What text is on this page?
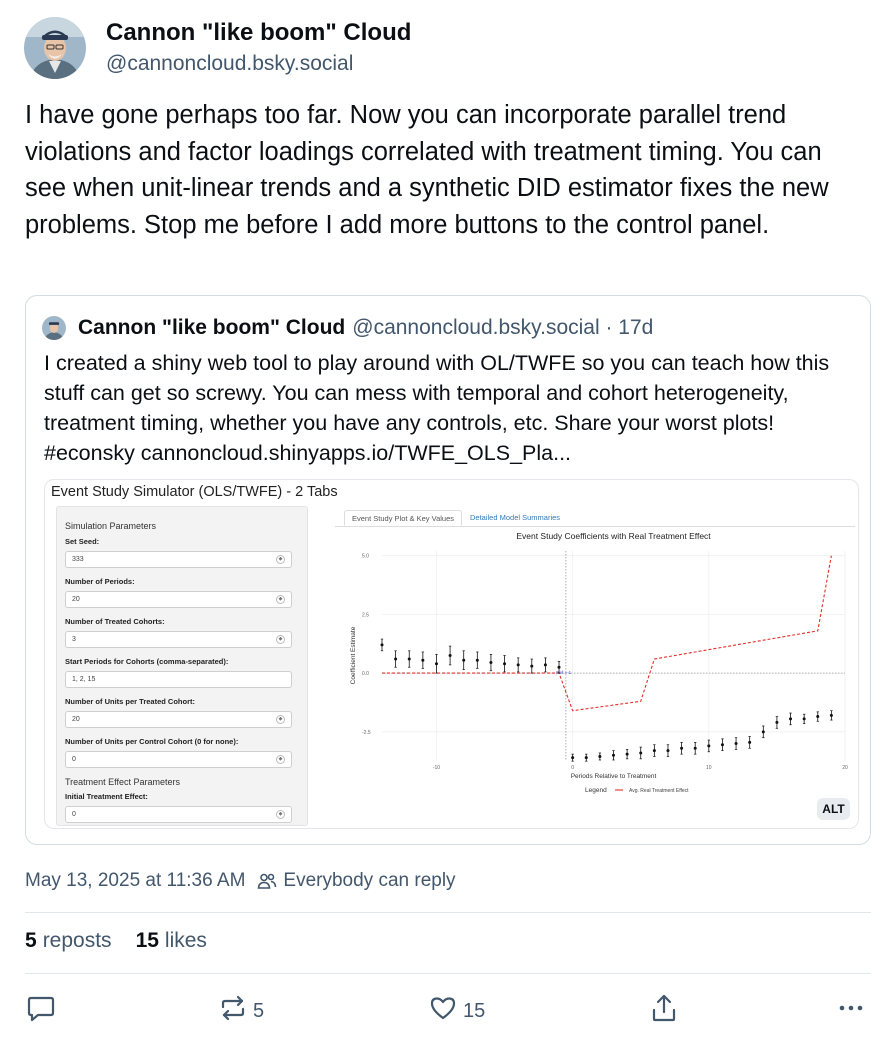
Cannon "like boom" Cloud
@cannoncloud.bsky.social
I have gone perhaps too far. Now you can incorporate parallel trend violations and factor loadings correlated with treatment timing. You can see when unit-linear trends and a synthetic DID estimator fixes the new problems. Stop me before I add more buttons to the control panel.
Cannon "like boom" Cloud @cannoncloud.bsky.social · 17d
I created a shiny web tool to play around with OL/TWFE so you can teach how this stuff can get so screwy. You can mess with temporal and cohort heterogeneity, treatment timing, whether you have any controls, etc. Share your worst plots! #econsky cannoncloud.shinyapps.io/TWFE_OLS_Pla...
Event Study Simulator (OLS/TWFE) - 2 Tabs
Simulation Parameters
Set Seed:
333	◆
Number of Periods:
20	◆
Number of Treated Cohorts:
3	◆
Start Periods for Cohorts (comma-separated):
1, 2, 15
Number of Units per Treated Cohort:
20	◆
Number of Units per Control Cohort (0 for none):
0	◆
Treatment Effect Parameters
Initial Treatment Effect:
0	◆
Event Study Plot & Key Values	Detailed Model Summaries
Event Study Coefficients with Real Treatment Effect
5.0
2.5
0.0
-2.5
-10	0	10	20
Ref.=-1
Periods Relative to Treatment
Coefficient Estimate
Legend	Avg. Real Treatment Effect
ALT
May 13, 2025 at 11:36 AM Everybody can reply
5 reposts 15 likes
5	15
